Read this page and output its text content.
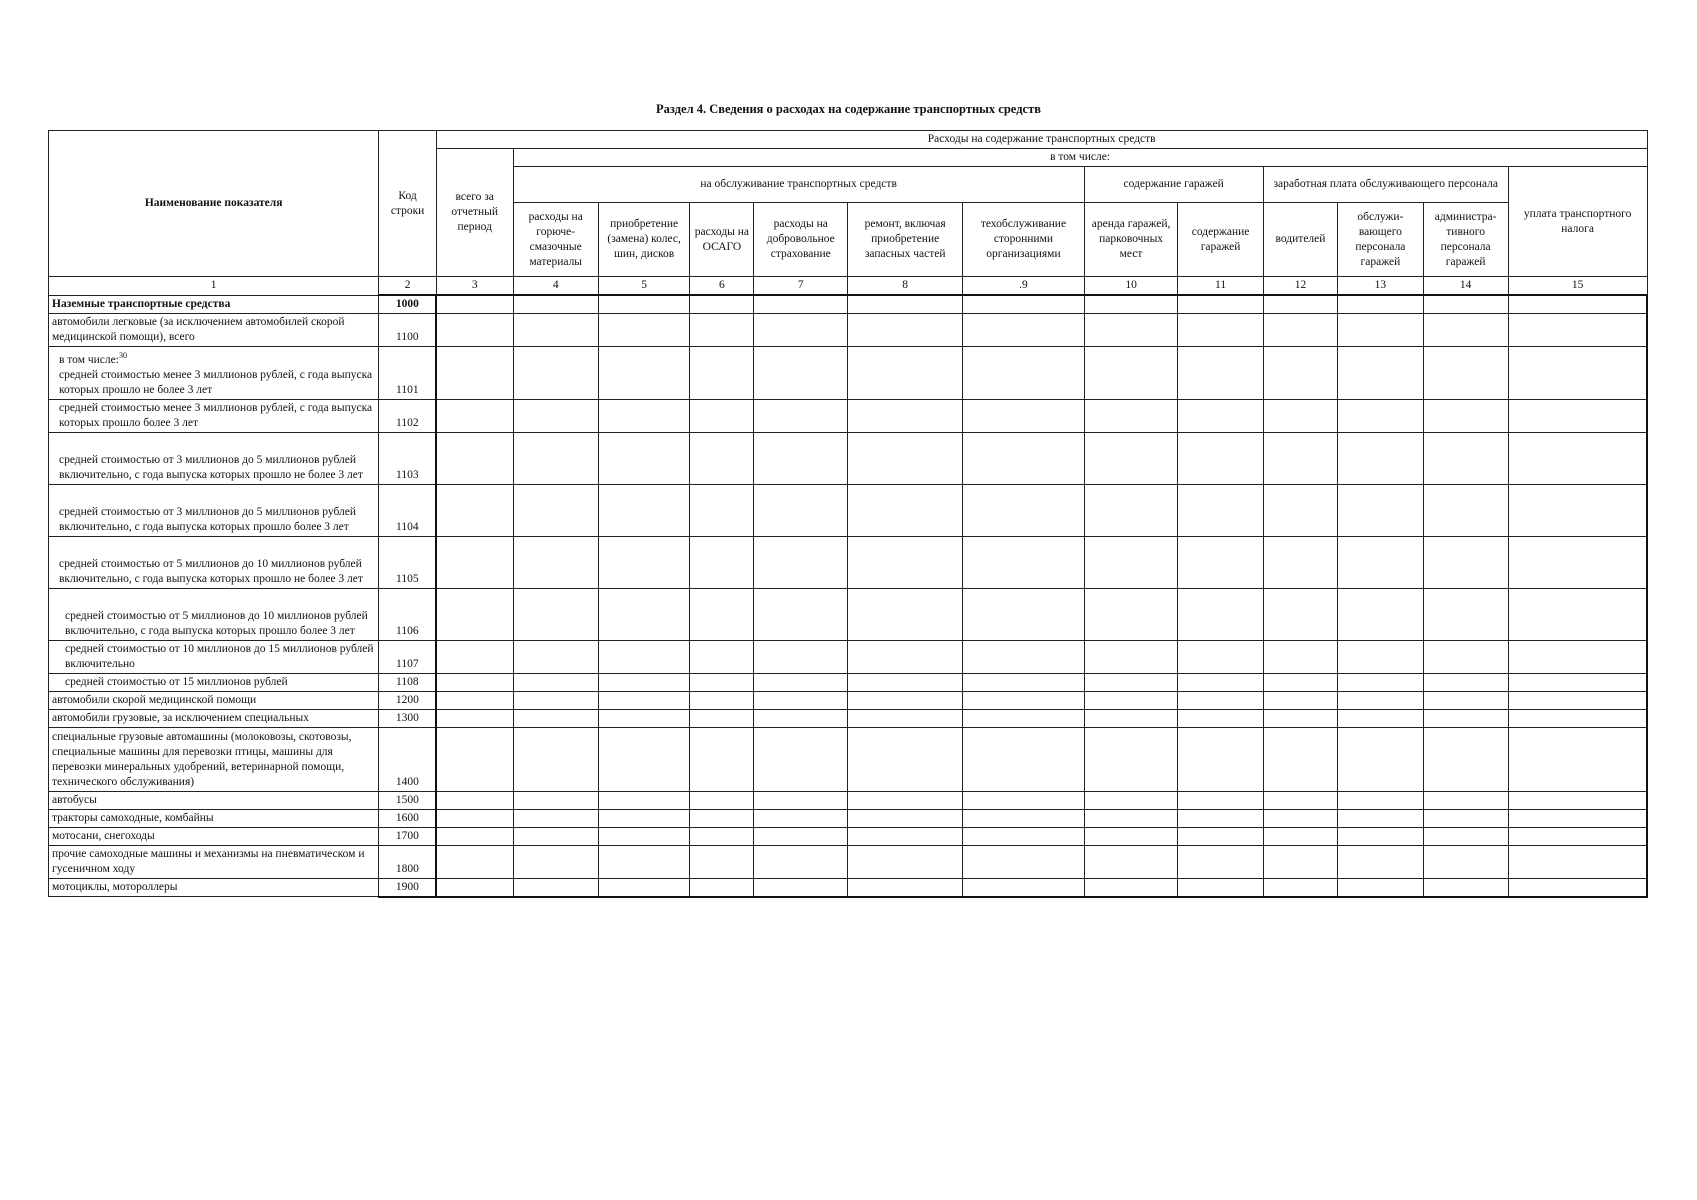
Раздел 4. Сведения о расходах на содержание транспортных средств
Наименование показателя	Код строки	Расходы на содержание транспортных средств												
		всего за отчетный период	в том числе:											
			на обслуживание транспортных средств						содержание гаражей		заработная плата обслуживающего персонала			уплата транспортного налога
			расходы на горюче-смазочные материалы	приобретение (замена) колес, шин, дисков	расходы на ОСАГО	расходы на добровольное страхование	ремонт, включая приобретение запасных частей	техобслуживание сторонними организациями	аренда гаражей, парковочных мест	содержание гаражей	водителей	обслужи-вающего персонала гаражей	администра-тивного персонала гаражей	
1	2	3	4	5	6	7	8	.9	10	11	12	13	14	15
Наземные транспортные средства	1000													
автомобили легковые (за исключением автомобилей скорой медицинской помощи), всего	1100													

в том числе:$^{30}$
средней стоимостью менее 3 миллионов рублей, с года выпуска которых прошло не более 3 лет	1101													
средней стоимостью менее 3 миллионов рублей, с года выпуска которых прошло более 3 лет	1102													
средней стоимостью от 3 миллионов до 5 миллионов рублей включительно, с года выпуска которых прошло не более 3 лет	1103													
средней стоимостью от 3 миллионов до 5 миллионов рублей включительно, с года выпуска которых прошло более 3 лет	1104													
средней стоимостью от 5 миллионов до 10 миллионов рублей включительно, с года выпуска которых прошло не более 3 лет	1105													
средней стоимостью от 5 миллионов до 10 миллионов рублей включительно, с года выпуска которых прошло более 3 лет	1106													
средней стоимостью от 10 миллионов до 15 миллионов рублей включительно	1107													
средней стоимостью от 15 миллионов рублей	1108													
автомобили скорой медицинской помощи	1200													
автомобили грузовые, за исключением специальных	1300													
специальные грузовые автомашины (молоковозы, скотовозы, специальные машины для перевозки птицы, машины для перевозки минеральных удобрений, ветеринарной помощи, технического обслуживания)	1400													
автобусы	1500													
тракторы самоходные, комбайны	1600													
мотосани, снегоходы	1700													
прочие самоходные машины и механизмы на пневматическом и гусеничном ходу	1800													
мотоциклы, мотороллеры	1900													
